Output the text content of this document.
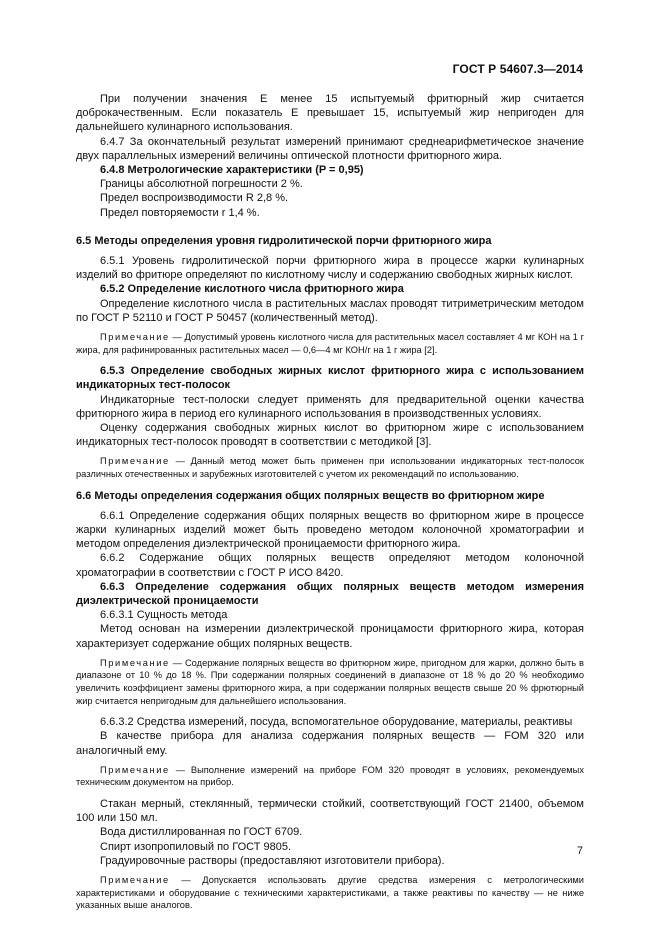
ГОСТ Р 54607.3—2014

При получении значения E менее 15 испытуемый фритюрный жир считается доброкачественным. Если показатель E превышает 15, испытуемый жир непригоден для дальнейшего кулинарного использования.

6.4.7 За окончательный результат измерений принимают среднеарифметическое значение двух параллельных измерений величины оптической плотности фритюрного жира.

6.4.8 Метрологические характеристики (P = 0,95)

Границы абсолютной погрешности 2 %.

Предел воспроизводимости R 2,8 %.

Предел повторяемости r 1,4 %.

6.5 Методы определения уровня гидролитической порчи фритюрного жира

6.5.1 Уровень гидролитической порчи фритюрного жира в процессе жарки кулинарных изделий во фритюре определяют по кислотному числу и содержанию свободных жирных кислот.

6.5.2 Определение кислотного числа фритюрного жира

Определение кислотного числа в растительных маслах проводят титриметрическим методом по ГОСТ Р 52110 и ГОСТ Р 50457 (количественный метод).

Примечание — Допустимый уровень кислотного числа для растительных масел составляет 4 мг КОН на 1 г жира, для рафинированных растительных масел — 0,6—4 мг КОН/г на 1 г жира [2].

6.5.3 Определение свободных жирных кислот фритюрного жира с использованием индикаторных тест-полосок

Индикаторные тест-полоски следует применять для предварительной оценки качества фритюрного жира в период его кулинарного использования в производственных условиях.

Оценку содержания свободных жирных кислот во фритюрном жире с использованием индикаторных тест-полосок проводят в соответствии с методикой [3].

Примечание — Данный метод может быть применен при использовании индикаторных тест-полосок различных отечественных и зарубежных изготовителей с учетом их рекомендаций по использованию.

6.6 Методы определения содержания общих полярных веществ во фритюрном жире

6.6.1 Определение содержания общих полярных веществ во фритюрном жире в процессе жарки кулинарных изделий может быть проведено методом колоночной хроматографии и методом определения диэлектрической проницаемости фритюрного жира.

6.6.2 Содержание общих полярных веществ определяют методом колоночной хроматографии в соответствии с ГОСТ Р ИСО 8420.

6.6.3 Определение содержания общих полярных веществ методом измерения диэлектрической проницаемости

6.6.3.1 Сущность метода

Метод основан на измерении диэлектрической проницамости фритюрного жира, которая характеризует содержание общих полярных веществ.

Примечание — Содержание полярных веществ во фритюрном жире, пригодном для жарки, должно быть в диапазоне от 10 % до 18 %. При содержании полярных соединений в диапазоне от 18 % до 20 % необходимо увеличить коэффициент замены фритюрного жира, а при содержании полярных веществ свыше 20 % фрютюрный жир считается непригодным для дальнейшего использования.

6.6.3.2 Средства измерений, посуда, вспомогательное оборудование, материалы, реактивы

В качестве прибора для анализа содержания полярных веществ — FOM 320 или аналогичный ему.

Примечание — Выполнение измерений на приборе FOM 320 проводят в условиях, рекомендуемых техническим документом на прибор.

Стакан мерный, стеклянный, термически стойкий, соответствующий ГОСТ 21400, объемом 100 или 150 мл.

Вода дистиллированная по ГОСТ 6709.

Спирт изопропиловый по ГОСТ 9805.

Градуировочные растворы (предоставляют изготовители прибора).

Примечание — Допускается использовать другие средства измерения с метрологическими характеристиками и оборудование с техническими характеристиками, а также реактивы по качеству — не ниже указанных выше аналогов.

7
